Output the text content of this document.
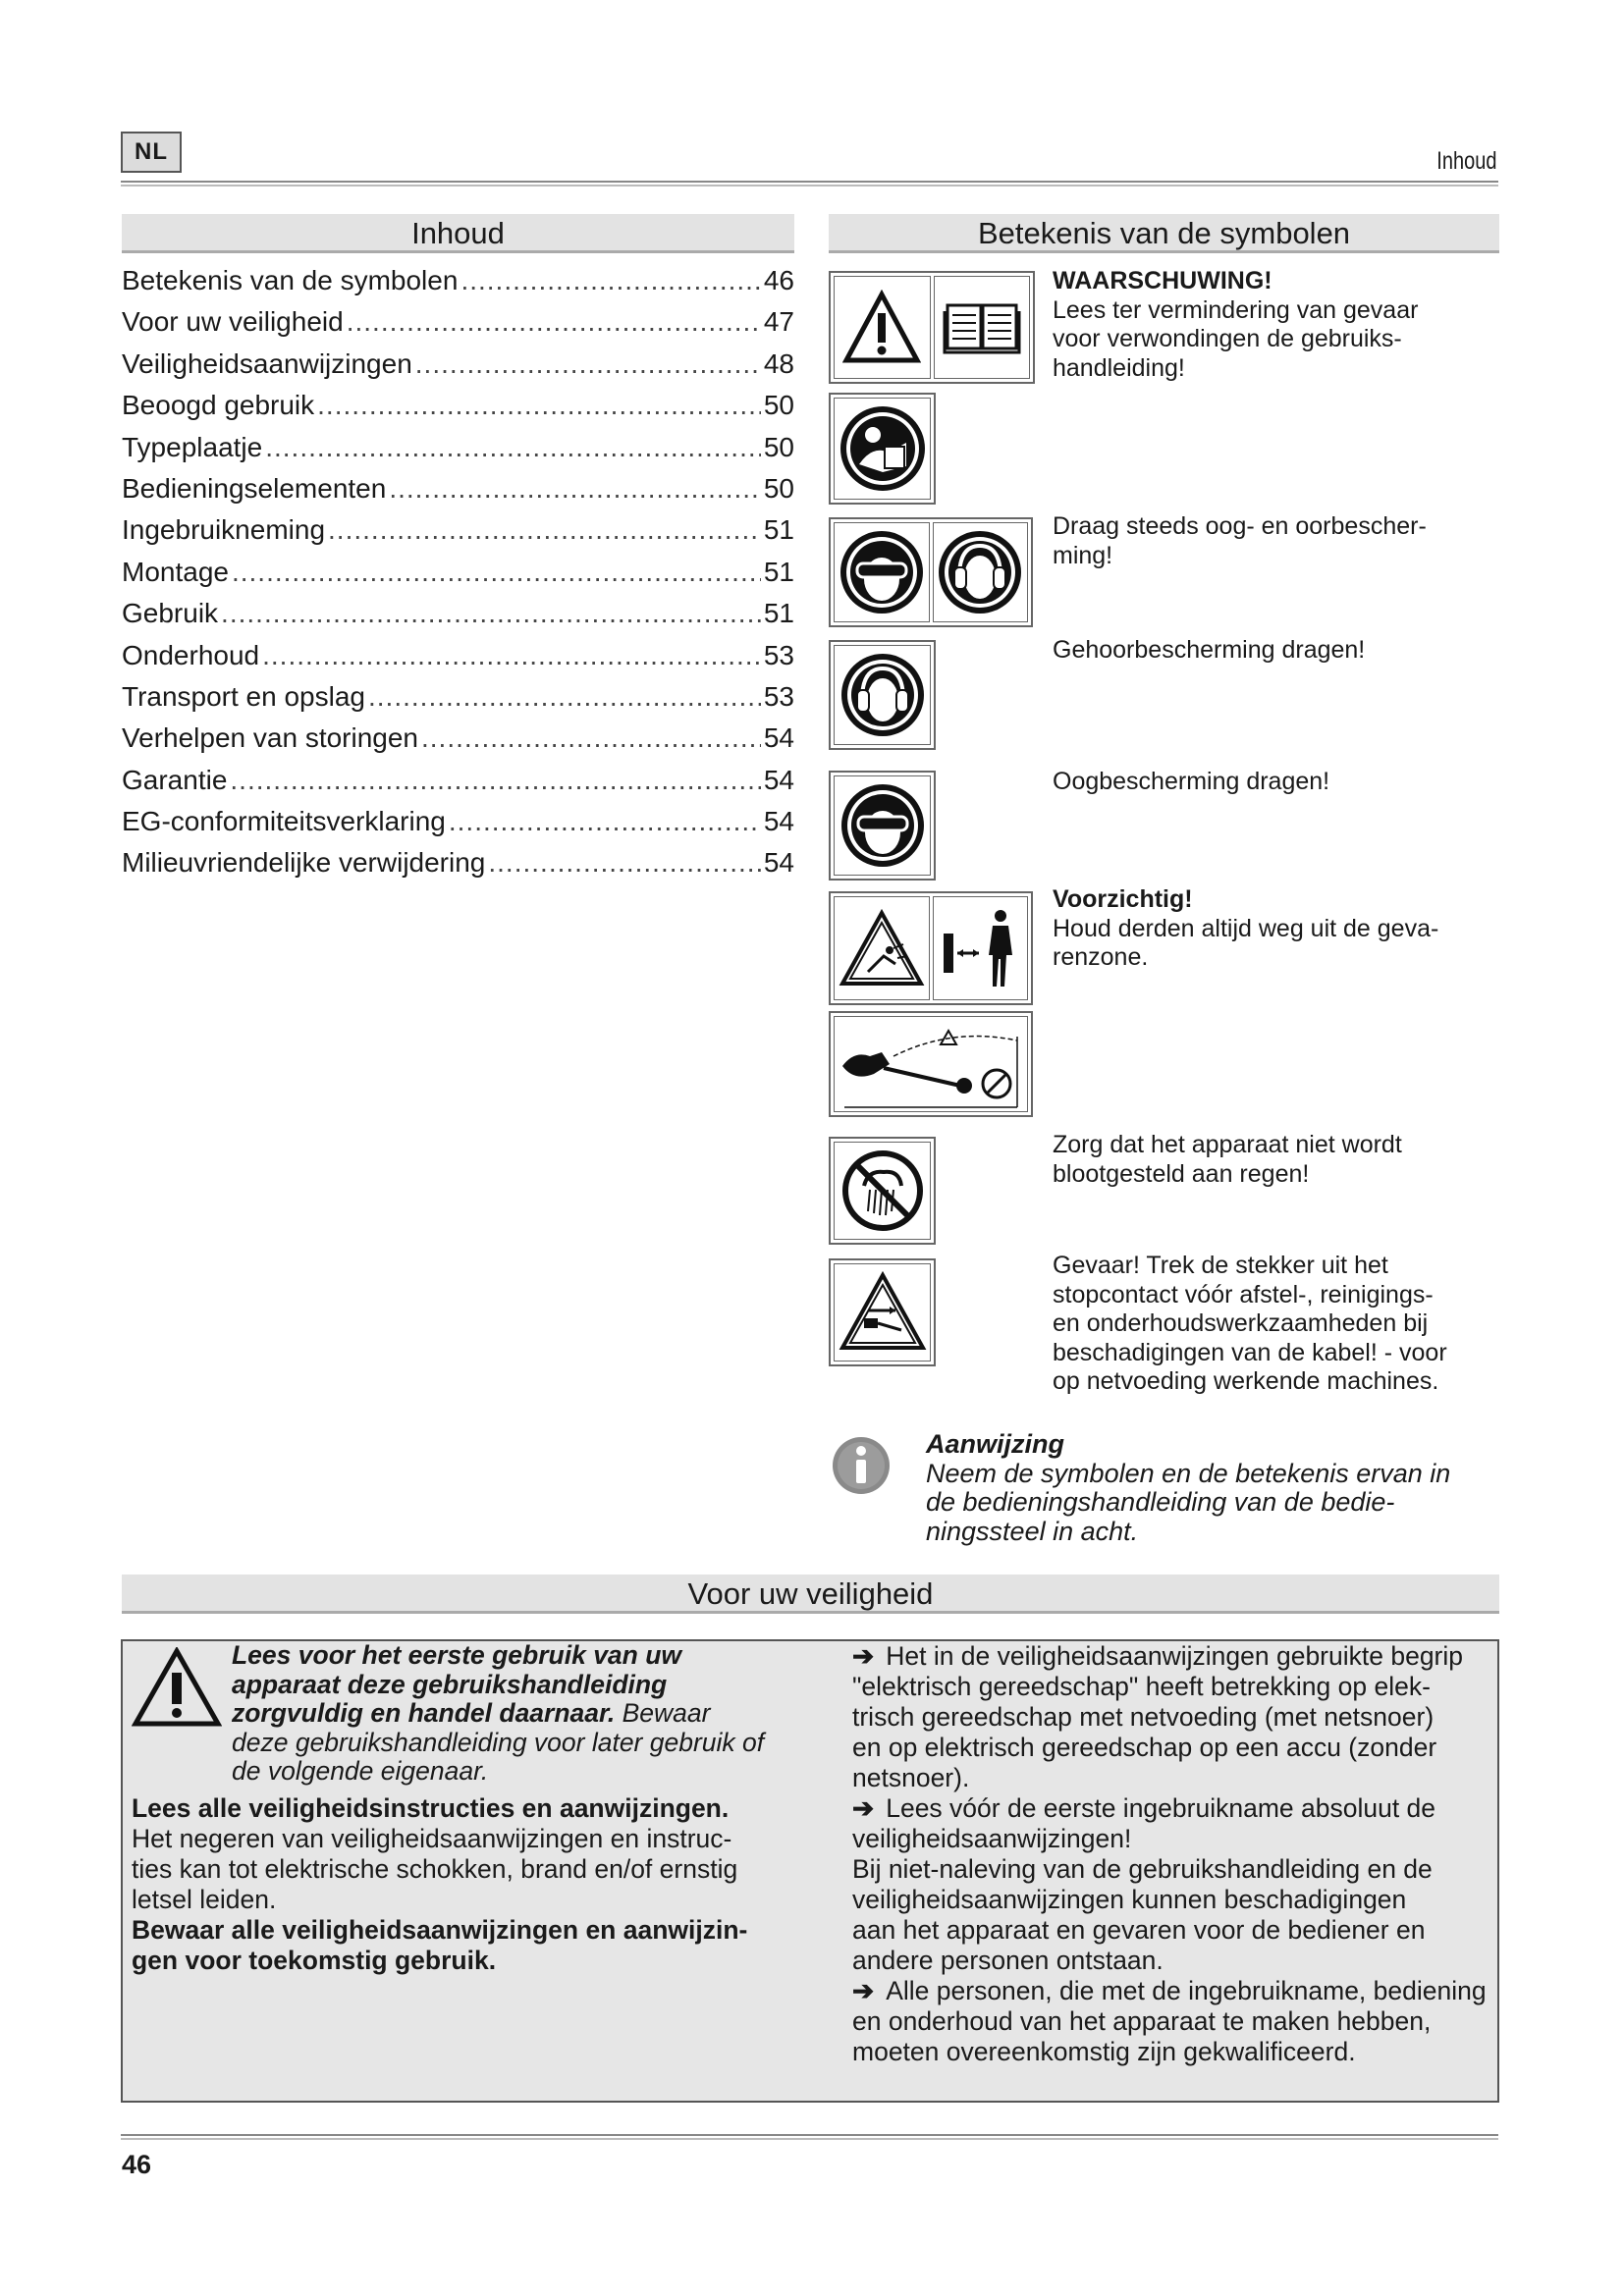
NL	Inhoud
Inhoud
Betekenis van de symbolen .....	46
Voor uw veiligheid .....	47
Veiligheidsaanwijzingen .....	48
Beoogd gebruik .....	50
Typeplaatje .....	50
Bedieningselementen .....	50
Ingebruikneming .....	51
Montage .....	51
Gebruik .....	51
Onderhoud .....	53
Transport en opslag .....	53
Verhelpen van storingen .....	54
Garantie .....	54
EG-conformiteitsverklaring .....	54
Milieuvriendelijke verwijdering .....	54
Betekenis van de symbolen
WAARSCHUWING!
Lees ter vermindering van gevaar
voor verwondingen de gebruiks-
handleiding!
Draag steeds oog- en oorbescher-
ming!
Gehoorbescherming dragen!
Oogbescherming dragen!
Voorzichtig!
Houd derden altijd weg uit de geva-
renzone.
Zorg dat het apparaat niet wordt
blootgesteld aan regen!
Gevaar! Trek de stekker uit het
stopcontact vóór afstel-, reinigings-
en onderhoudswerkzaamheden bij
beschadigingen van de kabel! - voor
op netvoeding werkende machines.
Aanwijzing
Neem de symbolen en de betekenis ervan in
de bedieningshandleiding van de bedie-
ningssteel in acht.
Voor uw veiligheid
Lees voor het eerste gebruik van uw
apparaat deze gebruikshandleiding
zorgvuldig en handel daarnaar. Bewaar
deze gebruikshandleiding voor later gebruik of
de volgende eigenaar.
Lees alle veiligheidsinstructies en aanwijzingen.
Het negeren van veiligheidsaanwijzingen en instruc-
ties kan tot elektrische schokken, brand en/of ernstig
letsel leiden.
Bewaar alle veiligheidsaanwijzingen en aanwijzin-
gen voor toekomstig gebruik.
➔ Het in de veiligheidsaanwijzingen gebruikte begrip
"elektrisch gereedschap" heeft betrekking op elek-
trisch gereedschap met netvoeding (met netsnoer)
en op elektrisch gereedschap op een accu (zonder
netsnoer).
➔ Lees vóór de eerste ingebruikname absoluut de
veiligheidsaanwijzingen!
Bij niet-naleving van de gebruikshandleiding en de
veiligheidsaanwijzingen kunnen beschadigingen
aan het apparaat en gevaren voor de bediener en
andere personen ontstaan.
➔ Alle personen, die met de ingebruikname, bediening
en onderhoud van het apparaat te maken hebben,
moeten overeenkomstig zijn gekwalificeerd.
46
